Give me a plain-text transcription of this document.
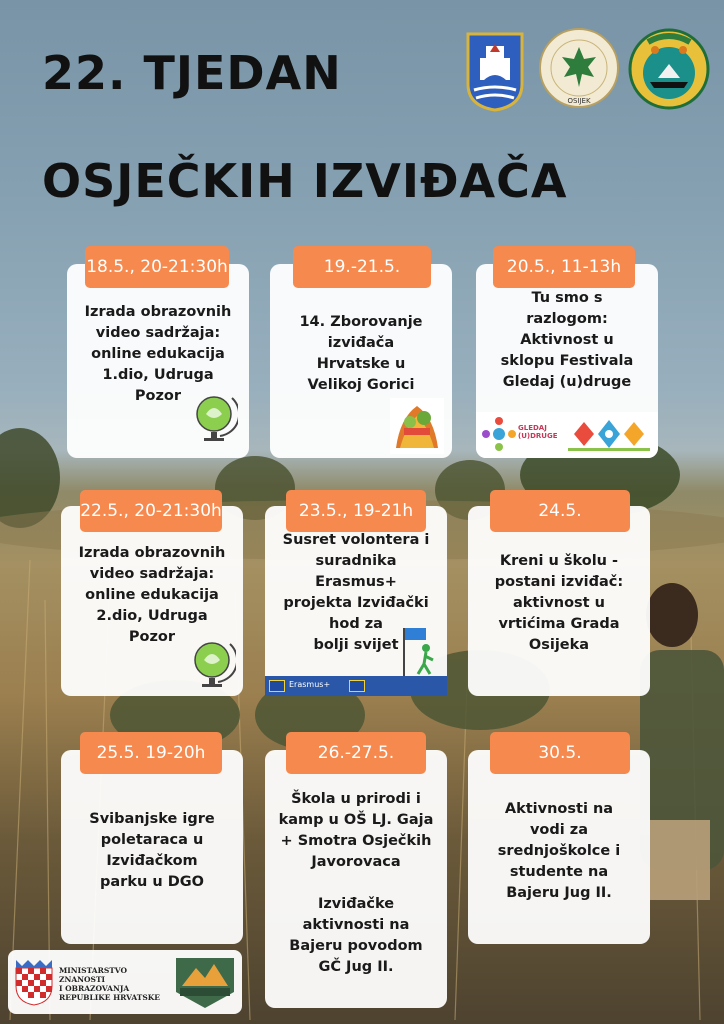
22. TJEDAN
OSJEČKIH IZVIĐAČA
OSIJEK
Izrada obrazovnih
video sadržaja:
online edukacija
1.dio, Udruga
Pozor
18.5., 20-21:30h
14. Zborovanje
izviđača
Hrvatske u
Velikoj Gorici
19.-21.5.
Tu smo s
razlogom:
Aktivnost u
sklopu Festivala
Gledaj (u)druge
20.5., 11-13h
GLEDAJ
(U)DRUGE
Izrada obrazovnih
video sadržaja:
online edukacija
2.dio, Udruga
Pozor
22.5., 20-21:30h
Susret volontera i
suradnika Erasmus+
projekta Izviđački
hod za
bolji svijet
23.5., 19-21h
Erasmus+
Kreni u školu -
postani izviđač:
aktivnost u
vrtićima Grada
Osijeka
24.5.
Svibanjske igre
poletaraca u
Izviđačkom
parku u DGO
25.5. 19-20h
Škola u prirodi i
kamp u OŠ LJ. Gaja
+ Smotra Osječkih
Javorovaca

Izviđačke
aktivnosti na
Bajeru povodom
GČ Jug II.
26.-27.5.
Aktivnosti na
vodi za
srednjoškolce i
studente na
Bajeru Jug II.
30.5.
MINISTARSTVO ZNANOSTI
I OBRAZOVANJA
REPUBLIKE HRVATSKE
